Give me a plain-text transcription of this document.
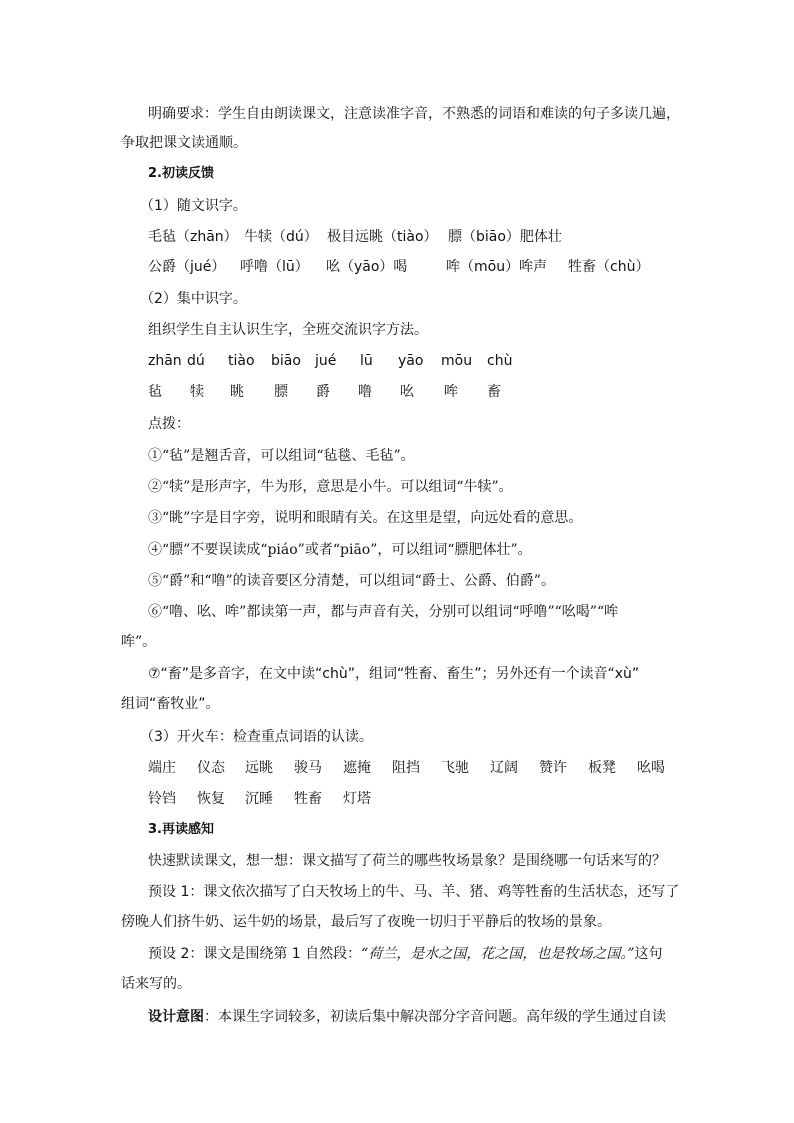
明确要求：学生自由朗读课文，注意读准字音，不熟悉的词语和难读的句子多读几遍，
争取把课文读通顺。
2.初读反馈
（1）随文识字。
毛毡（zhān） 牛犊（dú） 极目远眺（tiào） 膘（biāo）肥体壮
公爵（jué） 呼噜（lū） 吆（yāo）喝	哞（mōu）哞声 牲畜（chù）
（2）集中识字。
组织学生自主认识生字，全班交流识字方法。
zhān dú tiào biāo jué lū yāo mōu chù
毡 犊 眺 膘 爵 噜 吆 哞 畜
点拨：
①“毡”是翘舌音，可以组词“毡毯、毛毡”。
②“犊”是形声字，牛为形，意思是小牛。可以组词“牛犊”。
③“眺”字是目字旁，说明和眼睛有关。在这里是望，向远处看的意思。
④“膘”不要误读成“piáo”或者“piāo”，可以组词“膘肥体壮”。
⑤“爵”和“噜”的读音要区分清楚，可以组词“爵士、公爵、伯爵”。
⑥“噜、吆、哞”都读第一声，都与声音有关，分别可以组词“呼噜”“吆喝”“哞
哞”。
⑦“畜”是多音字，在文中读“chù”，组词“牲畜、畜生”；另外还有一个读音“xù”
组词“畜牧业”。
（3）开火车：检查重点词语的认读。
端庄 仪态 远眺 骏马 遮掩 阻挡 飞驰 辽阔 赞许 板凳 吆喝
铃铛 恢复 沉睡 牲畜 灯塔
3.再读感知
快速默读课文，想一想：课文描写了荷兰的哪些牧场景象？是围绕哪一句话来写的？
预设 1：课文依次描写了白天牧场上的牛、马、羊、猪、鸡等牲畜的生活状态，还写了
傍晚人们挤牛奶、运牛奶的场景，最后写了夜晚一切归于平静后的牧场的景象。
预设 2：课文是围绕第 1 自然段：“荷兰，是水之国，花之国，也是牧场之国。”这句
话来写的。
设计意图：本课生字词较多，初读后集中解决部分字音问题。高年级的学生通过自读
